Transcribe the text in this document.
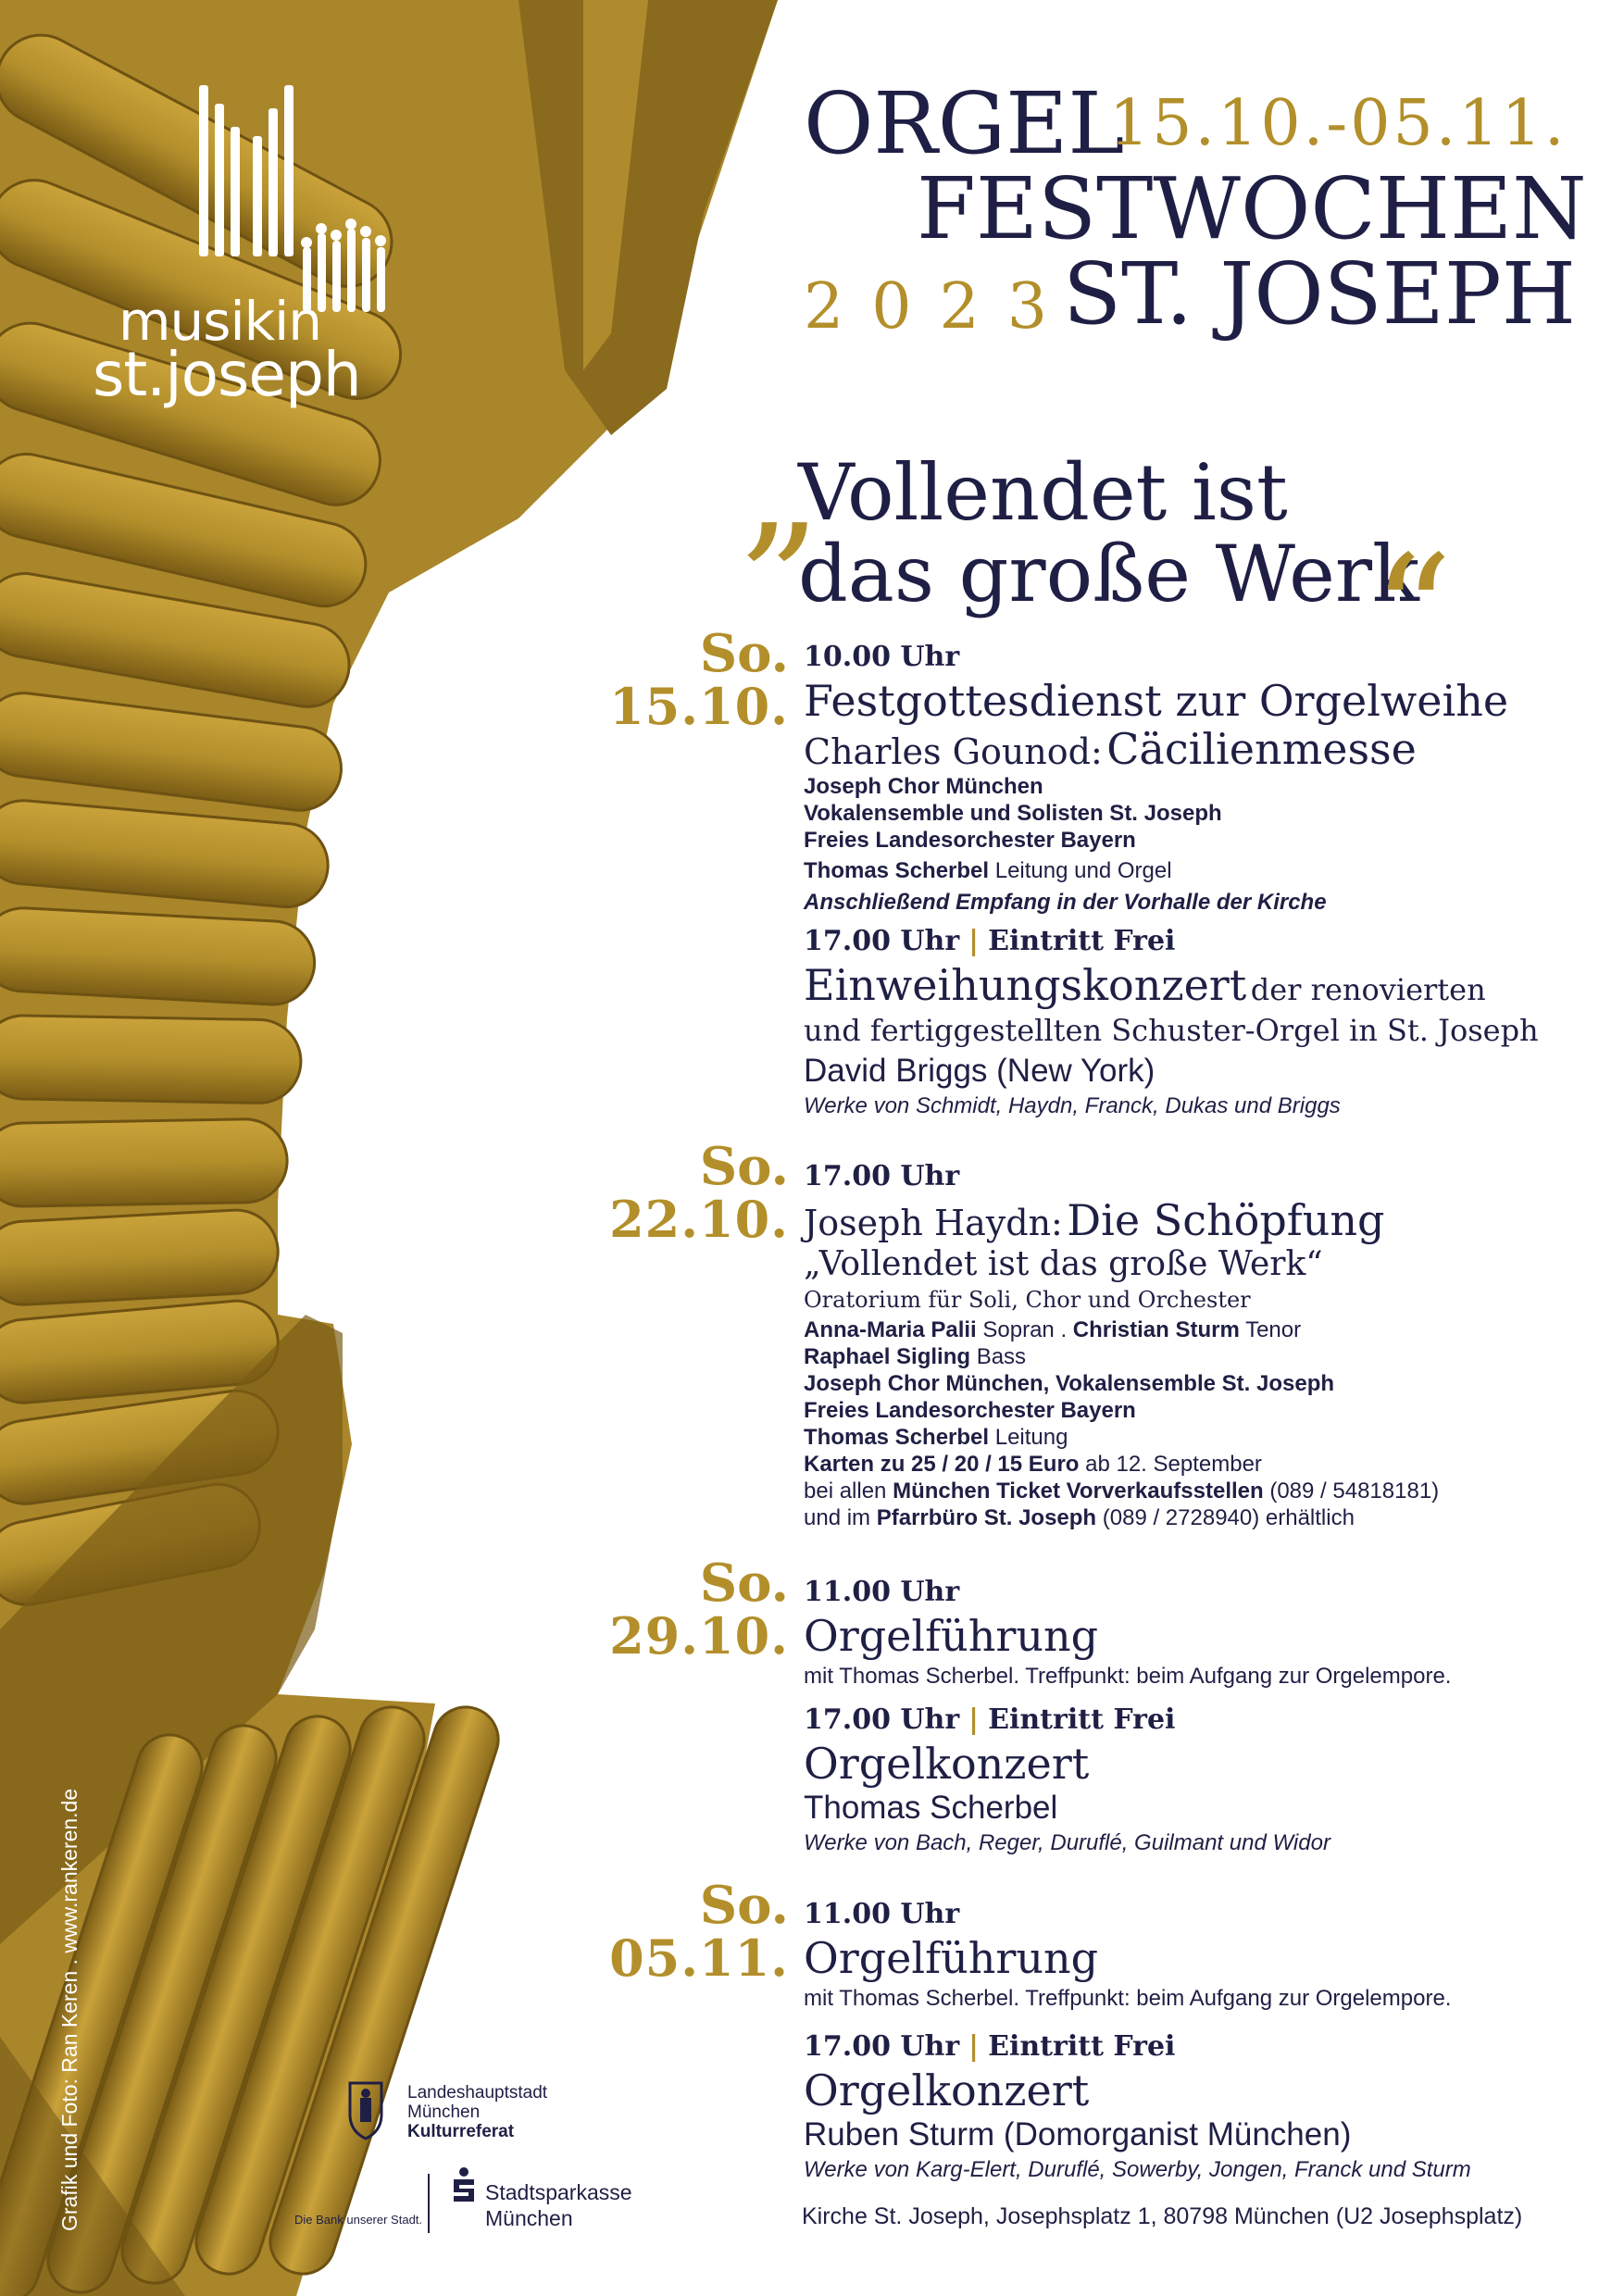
musikin
st.joseph
ORGEL
15.10.-05.11.
FESTWOCHEN
2023
ST. JOSEPH
„
Vollendet ist
das große Werk
“
So.
15.10.
So.
22.10.
So.
29.10.
So.
05.11.
10.00 Uhr
Festgottesdienst zur Orgelweihe
Charles Gounod: Cäcilienmesse
Joseph Chor München
Vokalensemble und Solisten St. Joseph
Freies Landesorchester Bayern
Thomas Scherbel Leitung und Orgel
Anschließend Empfang in der Vorhalle der Kirche
17.00 Uhr | Eintritt Frei
Einweihungskonzert der renovierten
und fertiggestellten Schuster-Orgel in St. Joseph
David Briggs (New York)
Werke von Schmidt, Haydn, Franck, Dukas und Briggs
17.00 Uhr
Joseph Haydn: Die Schöpfung
„Vollendet ist das große Werk“
Oratorium für Soli, Chor und Orchester
Anna-Maria Palii Sopran . Christian Sturm Tenor
Raphael Sigling Bass
Joseph Chor München, Vokalensemble St. Joseph
Freies Landesorchester Bayern
Thomas Scherbel Leitung
Karten zu 25 / 20 / 15 Euro ab 12. September
bei allen München Ticket Vorverkaufsstellen (089 / 54818181)
und im Pfarrbüro St. Joseph (089 / 2728940) erhältlich
11.00 Uhr
Orgelführung
mit Thomas Scherbel. Treffpunkt: beim Aufgang zur Orgelempore.
17.00 Uhr | Eintritt Frei
Orgelkonzert
Thomas Scherbel
Werke von Bach, Reger, Duruflé, Guilmant und Widor
11.00 Uhr
Orgelführung
mit Thomas Scherbel. Treffpunkt: beim Aufgang zur Orgelempore.
17.00 Uhr | Eintritt Frei
Orgelkonzert
Ruben Sturm (Domorganist München)
Werke von Karg-Elert, Duruflé, Sowerby, Jongen, Franck und Sturm
Grafik und Foto: Ran Keren . www.rankeren.de	Landeshauptstadt
München
Kulturreferat
Die Bank unserer Stadt.
Stadtsparkasse
München	Kirche St. Joseph, Josephsplatz 1, 80798 München (U2 Josephsplatz)
